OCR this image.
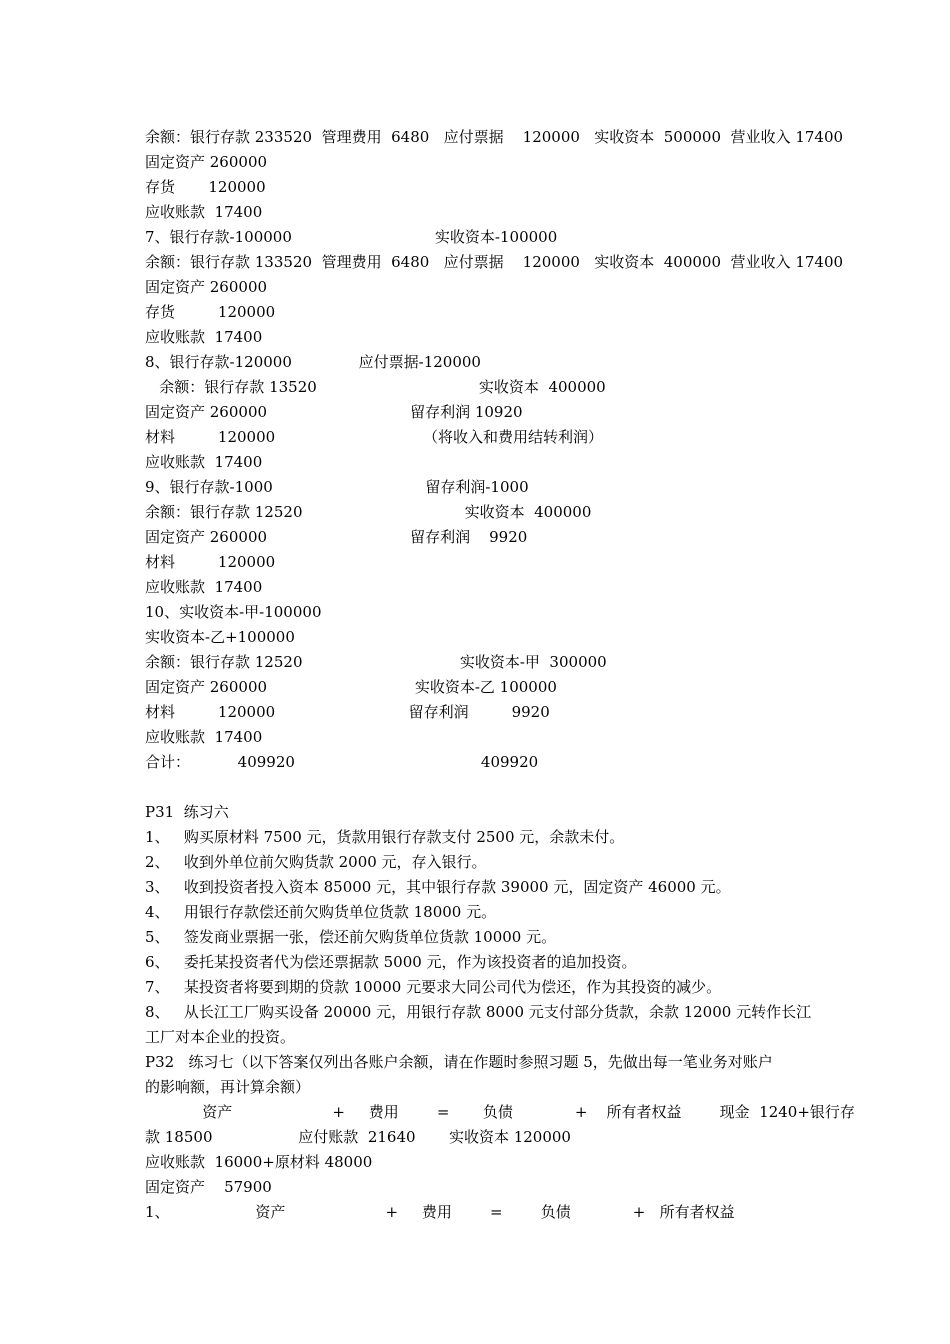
余额：银行存款 233520  管理费用  6480   应付票据    120000   实收资本  500000  营业收入 17400
固定资产 260000
存货       120000
应收账款  17400
7、银行存款-100000                              实收资本-100000
余额：银行存款 133520  管理费用  6480   应付票据    120000   实收资本  400000  营业收入 17400
固定资产 260000
存货         120000
应收账款  17400
8、银行存款-120000              应付票据-120000
余额：银行存款 13520                                  实收资本  400000
固定资产 260000                              留存利润 10920
材料         120000                               （将收入和费用结转利润）
应收账款  17400
9、银行存款-1000                                留存利润-1000
余额：银行存款 12520                                  实收资本  400000
固定资产 260000                              留存利润    9920
材料         120000
应收账款  17400
10、实收资本-甲-100000
实收资本-乙+100000
余额：银行存款 12520                                 实收资本-甲  300000
固定资产 260000                               实收资本-乙 100000
材料         120000                            留存利润         9920
应收账款  17400
合计：          409920                                       409920
P31  练习六
1、   购买原材料 7500 元，货款用银行存款支付 2500 元，余款未付。
2、   收到外单位前欠购货款 2000 元，存入银行。
3、   收到投资者投入资本 85000 元，其中银行存款 39000 元，固定资产 46000 元。
4、   用银行存款偿还前欠购货单位货款 18000 元。
5、   签发商业票据一张，偿还前欠购货单位货款 10000 元。
6、   委托某投资者代为偿还票据款 5000 元，作为该投资者的追加投资。
7、   某投资者将要到期的贷款 10000 元要求大同公司代为偿还，作为其投资的减少。
8、   从长江工厂购买设备 20000 元，用银行存款 8000 元支付部分货款，余款 12000 元转作长江
工厂对本企业的投资。
P32   练习七（以下答案仅列出各账户余额，请在作题时参照习题 5，先做出每一笔业务对账户
的影响额，再计算余额）
资产                     +     费用        =       负债             +    所有者权益        现金  1240+银行存
款 18500                  应付账款  21640       实收资本 120000
应收账款  16000+原材料 48000
固定资产    57900
1、                  资产                     +     费用        =        负债             +   所有者权益
